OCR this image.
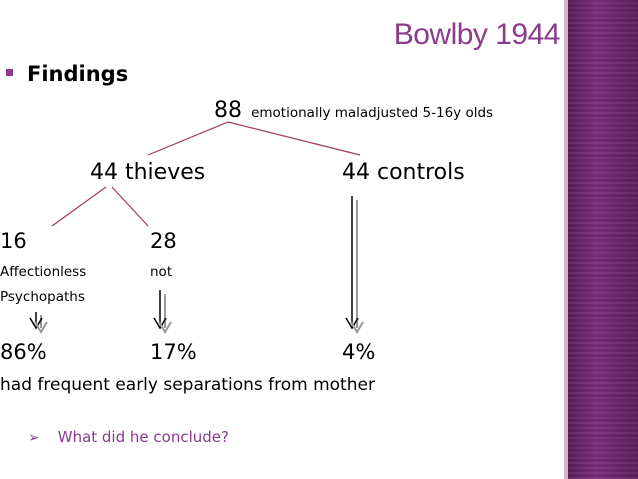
Bowlby 1944
Findings
88 emotionally maladjusted 5-16y olds
44 thieves	44 controls
16	28
Affectionless	not
Psychopaths
86%	17%	4%
had frequent early separations from mother
➢ What did he conclude?
